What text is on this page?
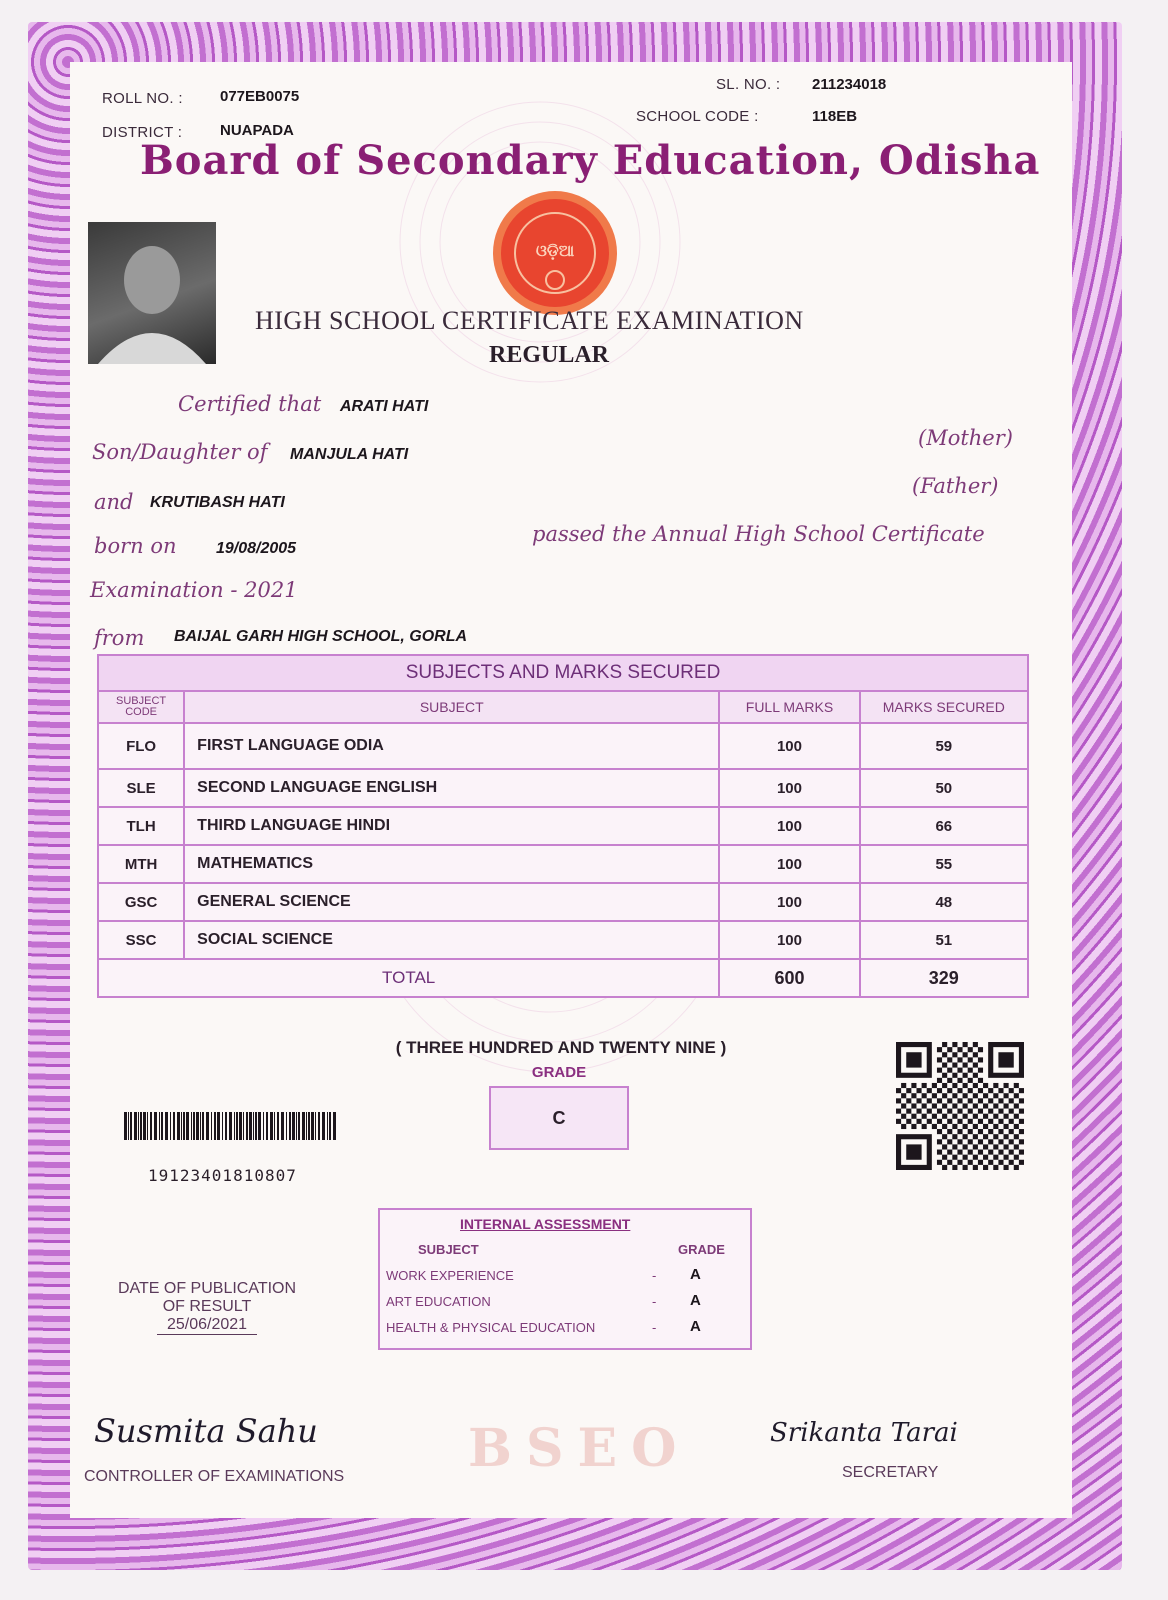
ROLL NO. : 077EB0075
DISTRICT :	NUAPADA
SL. NO. : 211234018
SCHOOL CODE :	118EB
Board of Secondary Education, Odisha
ଓଡ଼ିଆ
HIGH SCHOOL CERTIFICATE EXAMINATION
REGULAR
Certified that ARATI HATI
Son/Daughter of MANJULA HATI
(Mother)
and KRUTIBASH HATI
(Father)
born on 19/08/2005
passed the Annual High School Certificate
Examination - 2021
from BAIJAL GARH HIGH SCHOOL, GORLA
SUBJECTS AND MARKS SECURED			
SUBJECT CODE	SUBJECT	FULL MARKS	MARKS SECURED
FLO	FIRST LANGUAGE ODIA	100	59
SLE	SECOND LANGUAGE ENGLISH	100	50
TLH	THIRD LANGUAGE HINDI	100	66
MTH	MATHEMATICS	100	55
GSC	GENERAL SCIENCE	100	48
SSC	SOCIAL SCIENCE	100	51
TOTAL		600	329
( THREE HUNDRED AND TWENTY NINE )
GRADE
C
19123401810807
INTERNAL ASSESSMENT
SUBJECT	GRADE
WORK EXPERIENCE	- A
ART EDUCATION	- A
HEALTH & PHYSICAL EDUCATION	- A
DATE OF PUBLICATION
OF RESULT
25/06/2021
Susmita Sahu
CONTROLLER OF EXAMINATIONS BSEO	Srikanta Tarai
SECRETARY
